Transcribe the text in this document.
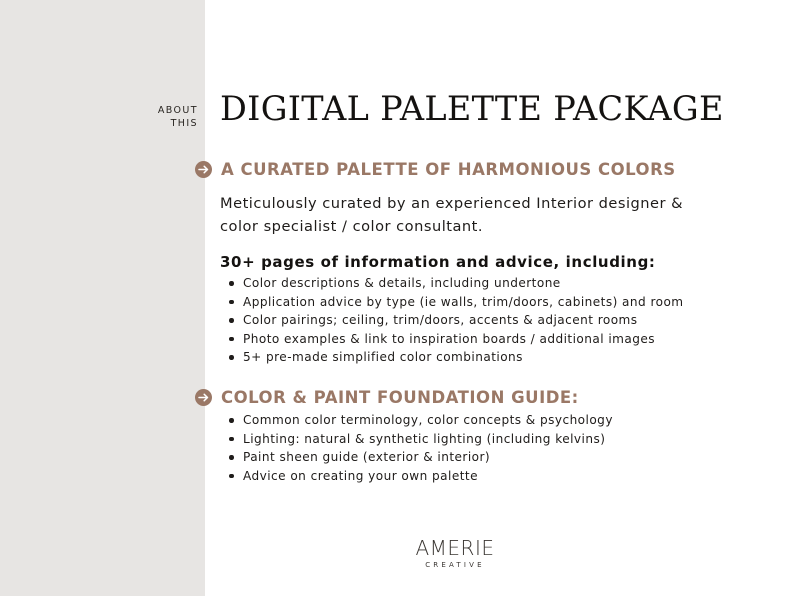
ABOUT
THIS DIGITAL PALETTE PACKAGE
A CURATED PALETTE OF HARMONIOUS COLORS

Meticulously curated by an experienced Interior designer &
color specialist / color consultant.

30+ pages of information and advice, including:

Color descriptions & details, including undertone
Application advice by type (ie walls, trim/doors, cabinets) and room
Color pairings; ceiling, trim/doors, accents & adjacent rooms
Photo examples & link to inspiration boards / additional images
5+ pre-made simplified color combinations
COLOR & PAINT FOUNDATION GUIDE:
Common color terminology, color concepts & psychology
Lighting: natural & synthetic lighting (including kelvins)
Paint sheen guide (exterior & interior)
Advice on creating your own palette
AMERIE
CREATIVE
